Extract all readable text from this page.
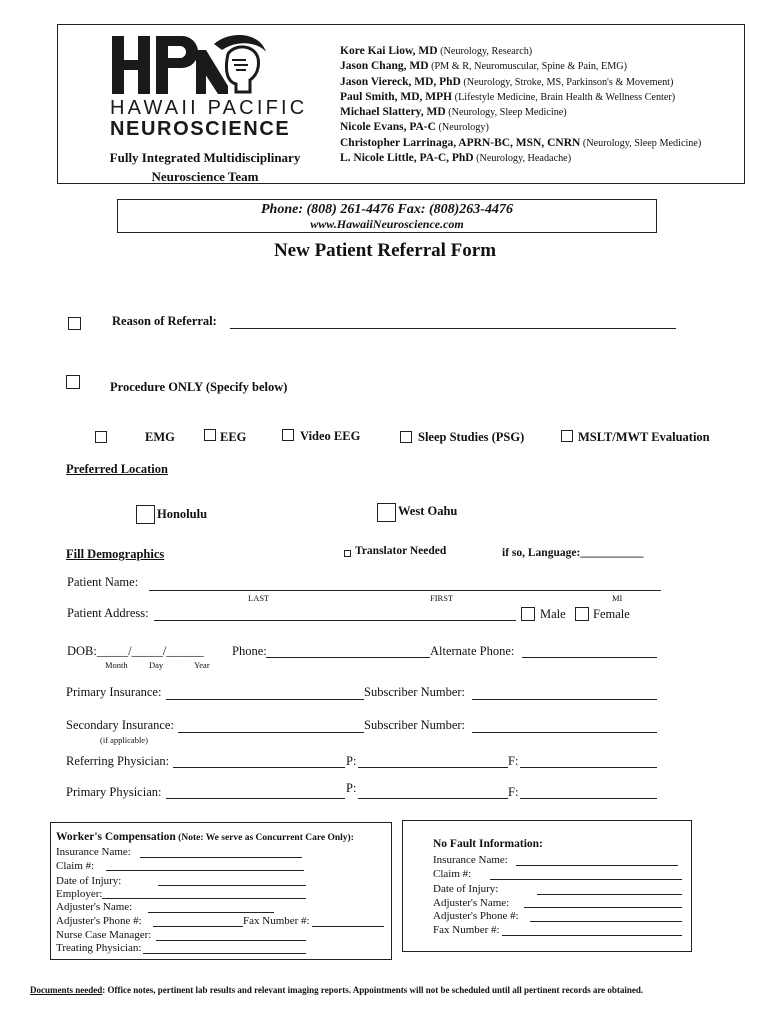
HAWAII PACIFIC
NEUROSCIENCE
Fully Integrated Multidisciplinary
Neuroscience Team
Kore Kai Liow, MD (Neurology, Research)
Jason Chang, MD (PM & R, Neuromuscular, Spine & Pain, EMG)
Jason Viereck, MD, PhD (Neurology, Stroke, MS, Parkinson's & Movement)
Paul Smith, MD, MPH (Lifestyle Medicine, Brain Health & Wellness Center)
Michael Slattery, MD (Neurology, Sleep Medicine)
Nicole Evans, PA-C (Neurology)
Christopher Larrinaga, APRN-BC, MSN, CNRN (Neurology, Sleep Medicine)
L. Nicole Little, PA-C, PhD (Neurology, Headache)
Phone: (808) 261-4476 Fax: (808)263-4476
www.HawaiiNeuroscience.com
New Patient Referral Form
Reason of Referral:
Procedure ONLY (Specify below)
EMG	EEG	Video EEG	Sleep Studies (PSG)	MSLT/MWT Evaluation
Preferred Location
Honolulu	West Oahu
Fill Demographics	Translator Needed	if so, Language:___________
Patient Name:
LAST	FIRST	MI
Patient Address:	Male Female
DOB:_____/_____/______
Month	Day	Year
Phone:	Alternate Phone:
Primary Insurance:	Subscriber Number:
Secondary Insurance:	Subscriber Number:
(if applicable)
Referring Physician:	P:	F:
Primary Physician:	P:	F:
Worker's Compensation (Note: We serve as Concurrent Care Only):
Insurance Name:
Claim #:
Date of Injury:
Employer:
Adjuster's Name:
Adjuster's Phone #:	Fax Number #:
Nurse Case Manager:
Treating Physician:
No Fault Information:
Insurance Name:
Claim #:
Date of Injury:
Adjuster's Name:
Adjuster's Phone #:
Fax Number #:
Documents needed: Office notes, pertinent lab results and relevant imaging reports. Appointments will not be scheduled until all pertinent records are obtained.
